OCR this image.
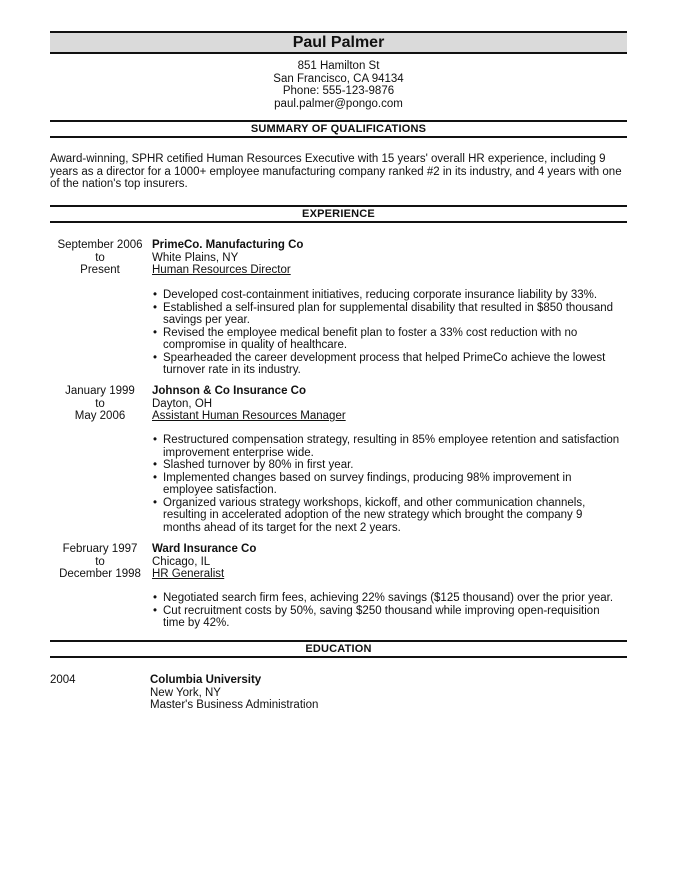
Paul Palmer
851 Hamilton St
San Francisco, CA 94134
Phone: 555-123-9876
paul.palmer@pongo.com
SUMMARY OF QUALIFICATIONS
Award-winning, SPHR cetified Human Resources Executive with 15 years' overall HR experience, including 9 years as a director for a 1000+ employee manufacturing company ranked #2 in its industry, and 4 years with one of the nation's top insurers.
EXPERIENCE
September 2006
to
Present
PrimeCo. Manufacturing Co
White Plains, NY
Human Resources Director
• Developed cost-containment initiatives, reducing corporate insurance liability by 33%.
• Established a self-insured plan for supplemental disability that resulted in $850 thousand savings per year.
• Revised the employee medical benefit plan to foster a 33% cost reduction with no compromise in quality of healthcare.
• Spearheaded the career development process that helped PrimeCo achieve the lowest turnover rate in its industry.
January 1999
to
May 2006
Johnson & Co Insurance Co
Dayton, OH
Assistant Human Resources Manager
• Restructured compensation strategy, resulting in 85% employee retention and satisfaction improvement enterprise wide.
• Slashed turnover by 80% in first year.
• Implemented changes based on survey findings, producing 98% improvement in employee satisfaction.
• Organized various strategy workshops, kickoff, and other communication channels, resulting in accelerated adoption of the new strategy which brought the company 9 months ahead of its target for the next 2 years.
February 1997
to
December 1998
Ward Insurance Co
Chicago, IL
HR Generalist
• Negotiated search firm fees, achieving 22% savings ($125 thousand) over the prior year.
• Cut recruitment costs by 50%, saving $250 thousand while improving open-requisition time by 42%.
EDUCATION
2004	Columbia University
New York, NY
Master's Business Administration
